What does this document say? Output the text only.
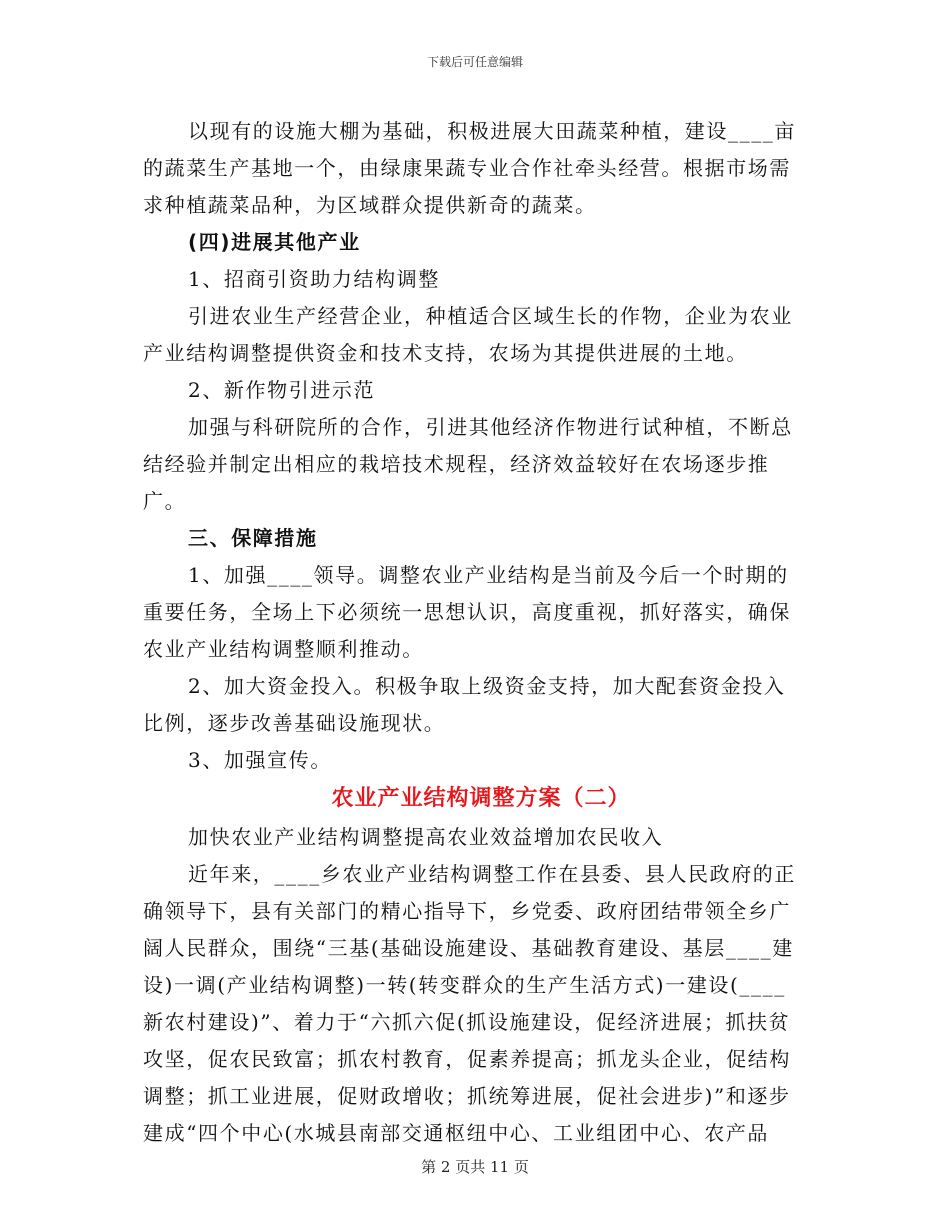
下载后可任意编辑

以现有的设施大棚为基础，积极进展大田蔬菜种植，建设____亩的蔬菜生产基地一个，由绿康果蔬专业合作社牵头经营。根据市场需求种植蔬菜品种，为区域群众提供新奇的蔬菜。

(四)进展其他产业

1、招商引资助力结构调整

引进农业生产经营企业，种植适合区域生长的作物，企业为农业产业结构调整提供资金和技术支持，农场为其提供进展的土地。

2、新作物引进示范

加强与科研院所的合作，引进其他经济作物进行试种植，不断总结经验并制定出相应的栽培技术规程，经济效益较好在农场逐步推广。

三、保障措施

1、加强____领导。调整农业产业结构是当前及今后一个时期的重要任务，全场上下必须统一思想认识，高度重视，抓好落实，确保农业产业结构调整顺利推动。

2、加大资金投入。积极争取上级资金支持，加大配套资金投入比例，逐步改善基础设施现状。

3、加强宣传。

农业产业结构调整方案（二）

加快农业产业结构调整提高农业效益增加农民收入

近年来，____乡农业产业结构调整工作在县委、县人民政府的正确领导下，县有关部门的精心指导下，乡党委、政府团结带领全乡广阔人民群众，围绕“三基(基础设施建设、基础教育建设、基层____建设)一调(产业结构调整)一转(转变群众的生产生活方式)一建设(____新农村建设)”、着力于“六抓六促(抓设施建设，促经济进展；抓扶贫攻坚，促农民致富；抓农村教育，促素养提高；抓龙头企业，促结构调整；抓工业进展，促财政增收；抓统筹进展，促社会进步)”和逐步建成“四个中心(水城县南部交通枢纽中心、工业组团中心、农产品

第 2 页共 11 页
